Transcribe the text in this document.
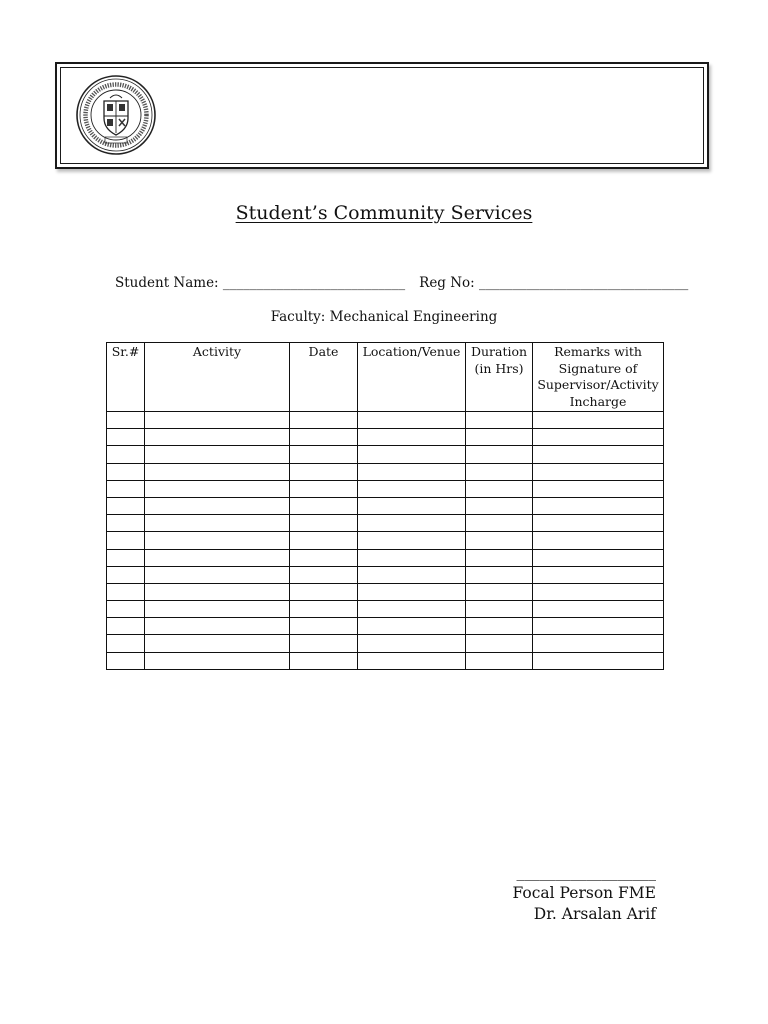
Student’s Community Services
Student Name: ___________________________ Reg No: _______________________________
Faculty: Mechanical Engineering
Sr.#	Activity	Date	Location/Venue	Duration (in Hrs)	Remarks with Signature of Supervisor/Activity Incharge

__________________
Focal Person FME
Dr. Arsalan Arif
